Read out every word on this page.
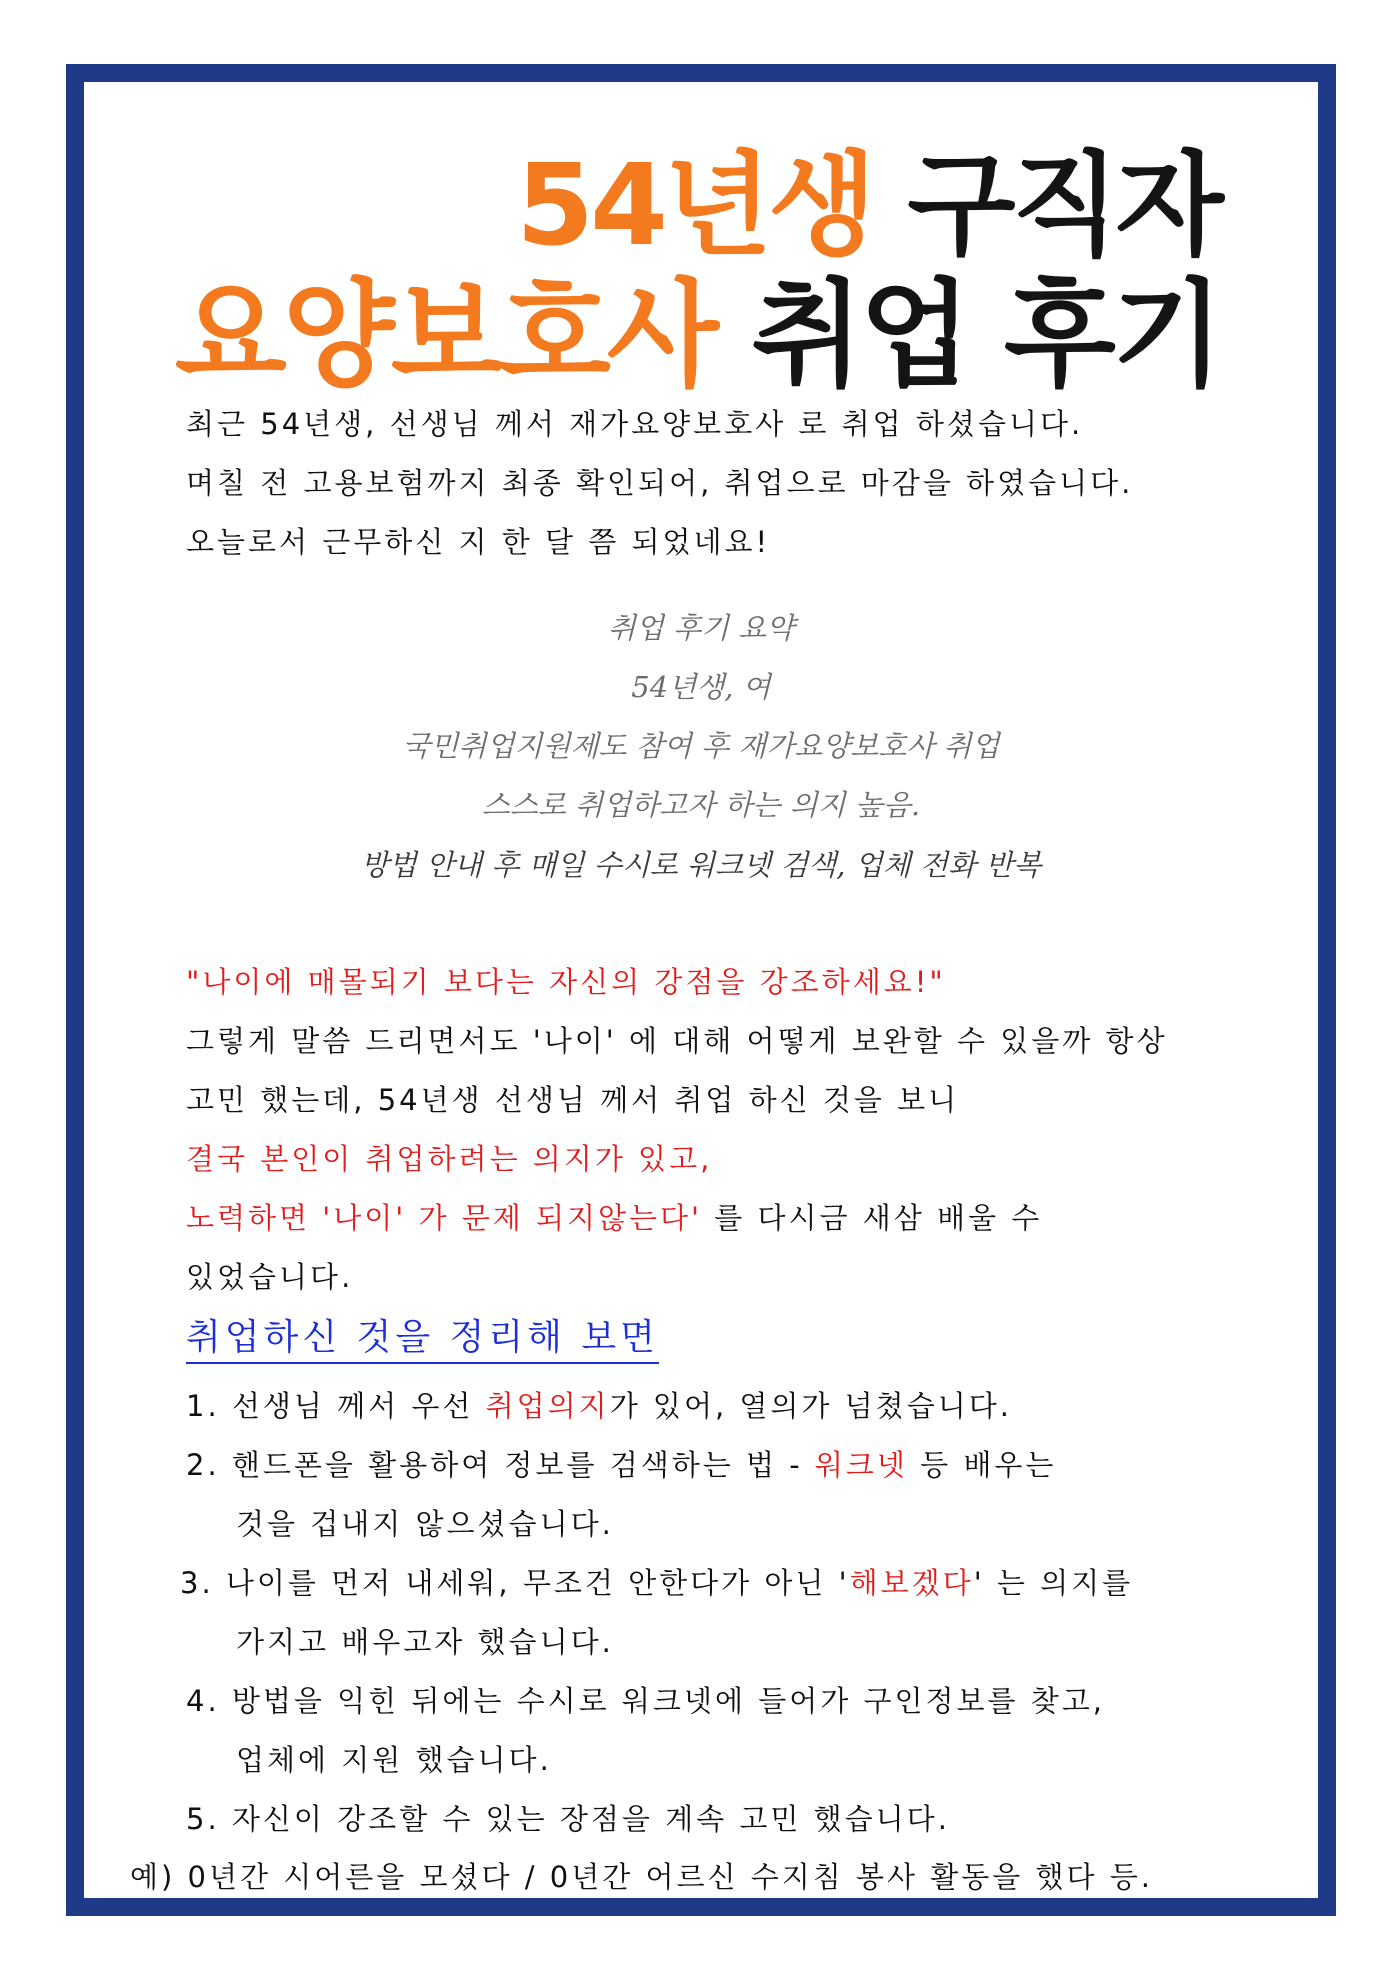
54년생 구직자
요양보호사 취업 후기
최근 54년생, 선생님 께서 재가요양보호사 로 취업 하셨습니다.
며칠 전 고용보험까지 최종 확인되어, 취업으로 마감을 하였습니다.
오늘로서 근무하신 지 한 달 쯤 되었네요!
취업 후기 요약
54년생, 여
국민취업지원제도 참여 후 재가요양보호사 취업
스스로 취업하고자 하는 의지 높음.
방법 안내 후 매일 수시로 워크넷 검색, 업체 전화 반복
"나이에 매몰되기 보다는 자신의 강점을 강조하세요!"
그렇게 말씀 드리면서도 '나이' 에 대해 어떻게 보완할 수 있을까 항상
고민 했는데, 54년생 선생님 께서 취업 하신 것을 보니
결국 본인이 취업하려는 의지가 있고,
노력하면 '나이' 가 문제 되지않는다' 를 다시금 새삼 배울 수
있었습니다.
취업하신 것을 정리해 보면
1. 선생님 께서 우선 취업의지가 있어, 열의가 넘쳤습니다.
2. 핸드폰을 활용하여 정보를 검색하는 법 - 워크넷 등 배우는
것을 겁내지 않으셨습니다.
3. 나이를 먼저 내세워, 무조건 안한다가 아닌 '해보겠다' 는 의지를
가지고 배우고자 했습니다.
4. 방법을 익힌 뒤에는 수시로 워크넷에 들어가 구인정보를 찾고,
업체에 지원 했습니다.
5. 자신이 강조할 수 있는 장점을 계속 고민 했습니다.
예) 0년간 시어른을 모셨다 / 0년간 어르신 수지침 봉사 활동을 했다 등.
